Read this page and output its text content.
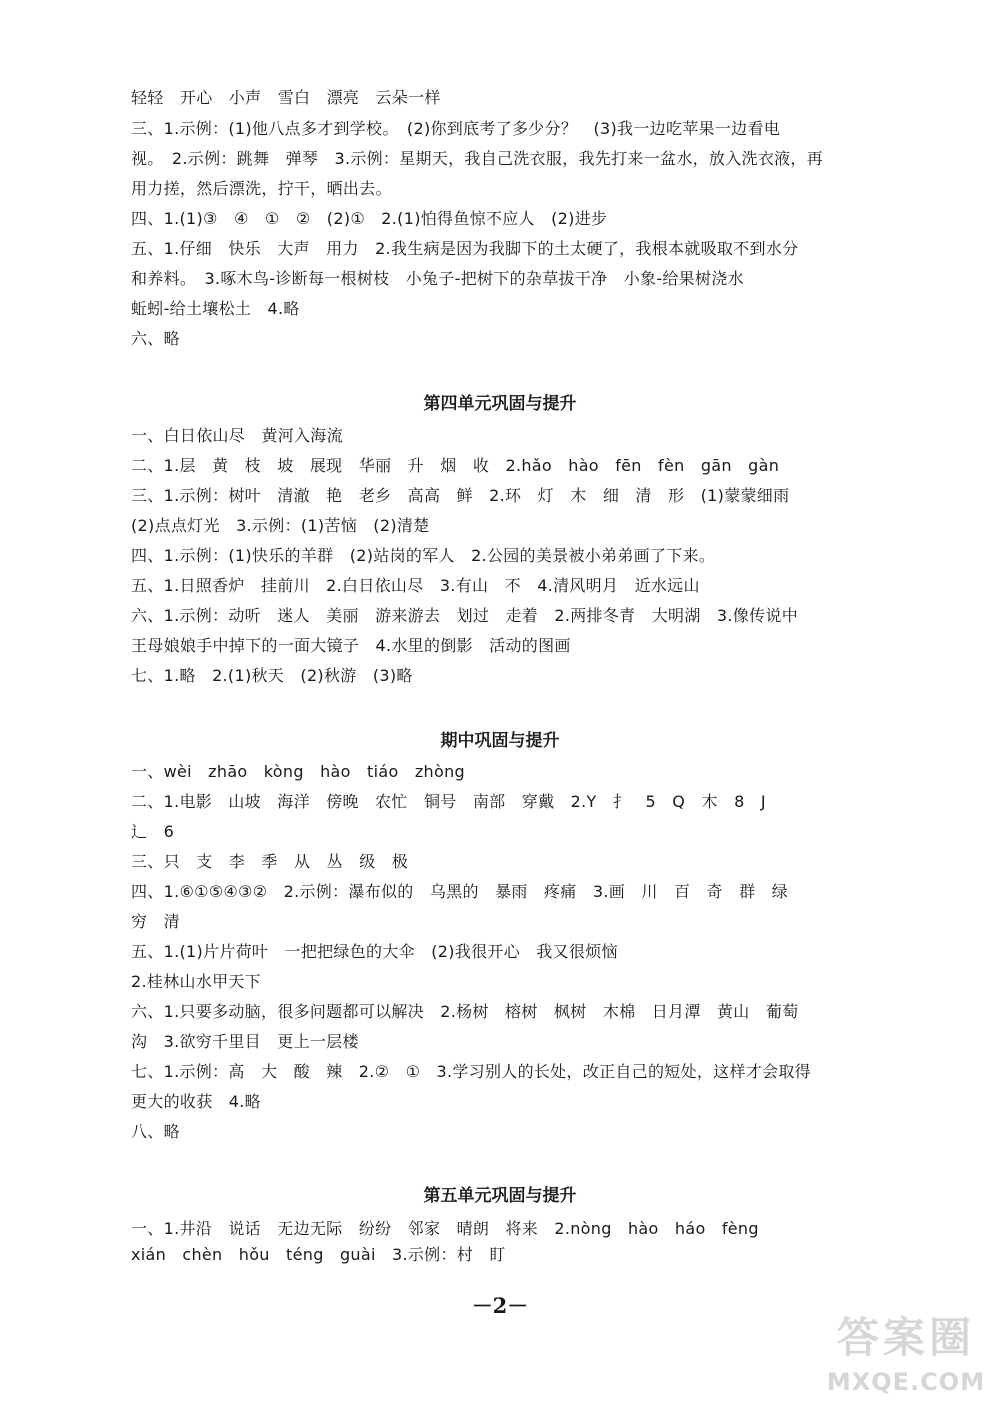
轻轻　开心　小声　雪白　漂亮　云朵一样
三、1.示例：(1)他八点多才到学校。　(2)你到底考了多少分？　(3)我一边吃苹果一边看电
视。　2.示例：跳舞　弹琴　3.示例：星期天，我自己洗衣服，我先打来一盆水，放入洗衣液，再
用力搓，然后漂洗，拧干，晒出去。
四、1.(1)③　④　①　②　(2)①　2.(1)怕得鱼惊不应人　(2)进步
五、1.仔细　快乐　大声　用力　2.我生病是因为我脚下的土太硬了，我根本就吸取不到水分
和养料。　3.啄木鸟-诊断每一根树枝　小兔子-把树下的杂草拔干净　小象-给果树浇水
蚯蚓-给土壤松土　4.略
六、略
第四单元巩固与提升
一、白日依山尽　黄河入海流
二、1.层　黄　枝　坡　展现　华丽　升　烟　收　2.hǎo　hào　fēn　fèn　gān　gàn
三、1.示例：树叶　清澈　艳　老乡　高高　鲜　2.环　灯　木　细　清　形　(1)蒙蒙细雨
(2)点点灯光　3.示例：(1)苦恼　(2)清楚
四、1.示例：(1)快乐的羊群　(2)站岗的军人　2.公园的美景被小弟弟画了下来。
五、1.日照香炉　挂前川　2.白日依山尽　3.有山　不　4.清风明月　近水远山
六、1.示例：动听　迷人　美丽　游来游去　划过　走着　2.两排冬青　大明湖　3.像传说中
王母娘娘手中掉下的一面大镜子　4.水里的倒影　活动的图画
七、1.略　2.(1)秋天　(2)秋游　(3)略
期中巩固与提升
一、wèi　zhāo　kòng　hào　tiáo　zhòng
二、1.电影　山坡　海洋　傍晚　农忙　铜号　南部　穿戴　2.Y　扌　5　Q　木　8　J
辶　6
三、只　支　李　季　从　丛　级　极
四、1.⑥①⑤④③②　2.示例：瀑布似的　乌黑的　暴雨　疼痛　3.画　川　百　奇　群　绿
穷　清
五、1.(1)片片荷叶　一把把绿色的大伞　(2)我很开心　我又很烦恼
2.桂林山水甲天下
六、1.只要多动脑，很多问题都可以解决　2.杨树　榕树　枫树　木棉　日月潭　黄山　葡萄
沟　3.欲穷千里目　更上一层楼
七、1.示例：高　大　酸　辣　2.②　①　3.学习别人的长处，改正自己的短处，这样才会取得
更大的收获　4.略
八、略
第五单元巩固与提升
一、1.井沿　说话　无边无际　纷纷　邻家　晴朗　将来　2.nòng　hào　háo　fèng
xián　chèn　hǒu　téng　guài　3.示例：村　盯
－2－
答案圈
MXQE.COM
